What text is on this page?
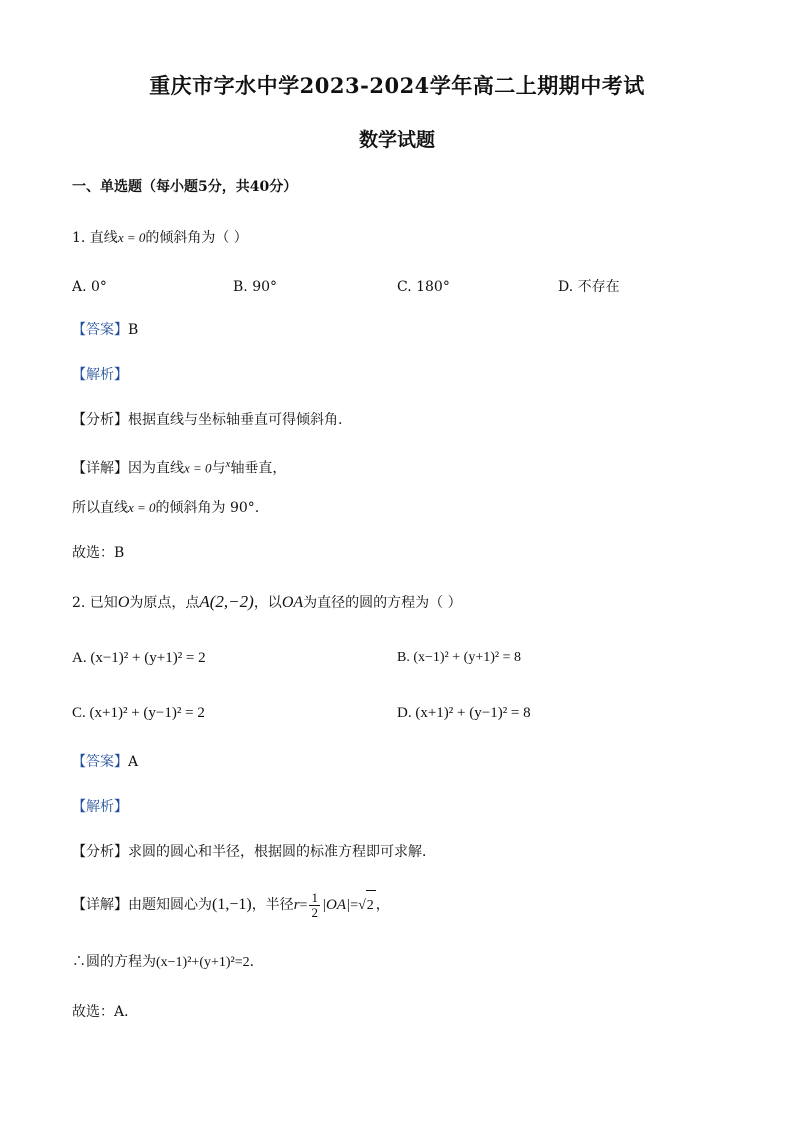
重庆市字水中学2023-2024学年高二上期期中考试
数学试题
一、单选题（每小题5分，共40分）
1. 直线x = 0的倾斜角为（ ）
A. 0°	B. 90°	C. 180°	D. 不存在
【答案】B
【解析】
【分析】根据直线与坐标轴垂直可得倾斜角.
【详解】因为直线x = 0与$^x$轴垂直，
所以直线x = 0的倾斜角为 90°.
故选：B
2. 已知O为原点，点A(2,−2)，以OA为直径的圆的方程为（ ）
A. (x−1)² + (y+1)² = 2	B. (x−1)² + (y+1)² = 8
C. (x+1)² + (y−1)² = 2	D. (x+1)² + (y−1)² = 8
【答案】A
【解析】
【分析】求圆的圆心和半径，根据圆的标准方程即可求解．
【详解】由题知圆心为(1,−1)，半径$r= \frac{1}{2} |OA|=√2$ ，
∴圆的方程为(x−1)²+(y+1)²=2．
故选：A．
